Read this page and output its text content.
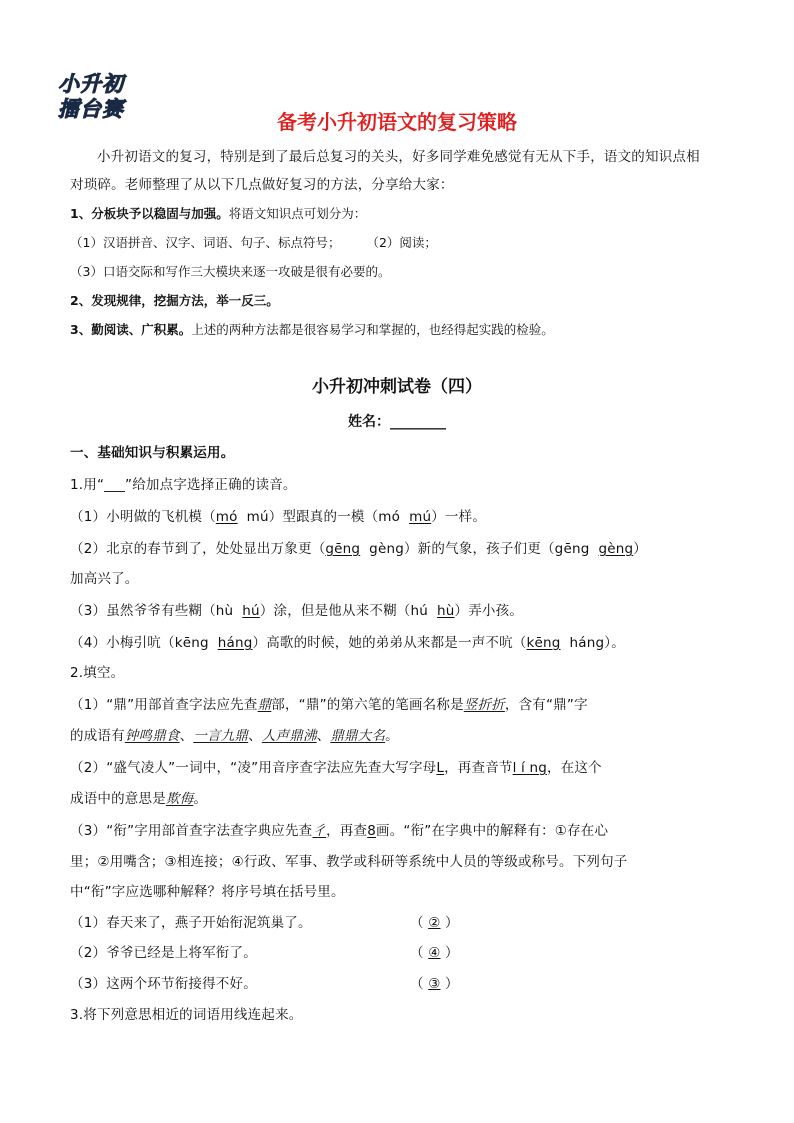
小升初
擂台赛
备考小升初语文的复习策略
小升初语文的复习，特别是到了最后总复习的关头，好多同学难免感觉有无从下手，语文的知识点相
对琐碎。老师整理了从以下几点做好复习的方法，分享给大家：
1、分板块予以稳固与加强。将语文知识点可划分为：
（1）汉语拼音、汉字、词语、句子、标点符号； （2）阅读；
（3）口语交际和写作三大模块来逐一攻破是很有必要的。
2、发现规律，挖掘方法，举一反三。
3、勤阅读、广积累。上述的两种方法都是很容易学习和掌握的，也经得起实践的检验。
小升初冲刺试卷（四）
姓名：________
一、基础知识与积累运用。
1.用“___”给加点字选择正确的读音。
（1）小明做的飞机模（mó mú）型跟真的一模（mó  mú）一样。
（2）北京的春节到了，处处显出万象更（gēng  gèng）新的气象，孩子们更（gēng  gèng）
加高兴了。
（3）虽然爷爷有些糊（hù  hú）涂，但是他从来不糊（hú  hù）弄小孩。
（4）小梅引吭（kēng  háng）高歌的时候，她的弟弟从来都是一声不吭（kēng  háng）。
2.填空。
（1）“鼎”用部首查字法应先查鼎部，“鼎”的第六笔的笔画名称是竖折折，含有“鼎”字
的成语有钟鸣鼎食、一言九鼎、人声鼎沸、鼎鼎大名。
（2）“盛气凌人”一词中，“凌”用音序查字法应先查大写字母L，再查音节l í ng，在这个
成语中的意思是欺侮。
（3）“衔”字用部首查字法查字典应先查彳，再查8画。“衔”在字典中的解释有：①存在心
里；②用嘴含；③相连接；④行政、军事、教学或科研等系统中人员的等级或称号。下列句子
中“衔”字应选哪种解释？将序号填在括号里。
（1）春天来了，燕子开始衔泥筑巢了。	（ ② ）
（2）爷爷已经是上将军衔了。	（ ④ ）
（3）这两个环节衔接得不好。	（ ③ ）
3.将下列意思相近的词语用线连起来。
